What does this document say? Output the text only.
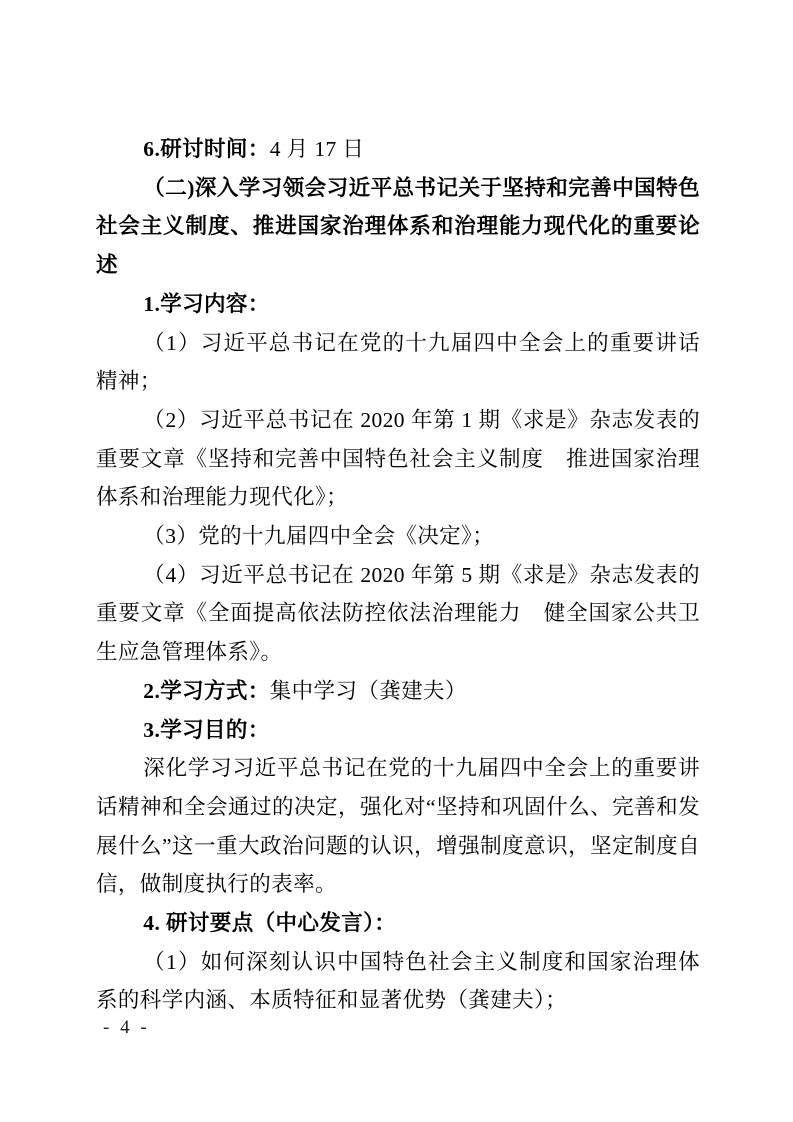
6.研讨时间：4 月 17 日

（二)深入学习领会习近平总书记关于坚持和完善中国特色社会主义制度、推进国家治理体系和治理能力现代化的重要论述

1.学习内容：

（1）习近平总书记在党的十九届四中全会上的重要讲话精神；

（2）习近平总书记在 2020 年第 1 期《求是》杂志发表的重要文章《坚持和完善中国特色社会主义制度　推进国家治理体系和治理能力现代化》；

（3）党的十九届四中全会《决定》；

（4）习近平总书记在 2020 年第 5 期《求是》杂志发表的重要文章《全面提高依法防控依法治理能力　健全国家公共卫生应急管理体系》。

2.学习方式：集中学习（龚建夫）

3.学习目的：

深化学习习近平总书记在党的十九届四中全会上的重要讲话精神和全会通过的决定，强化对“坚持和巩固什么、完善和发展什么”这一重大政治问题的认识，增强制度意识，坚定制度自信，做制度执行的表率。

4. 研讨要点（中心发言）：

（1）如何深刻认识中国特色社会主义制度和国家治理体系的科学内涵、本质特征和显著优势（龚建夫）；

- 4 -
